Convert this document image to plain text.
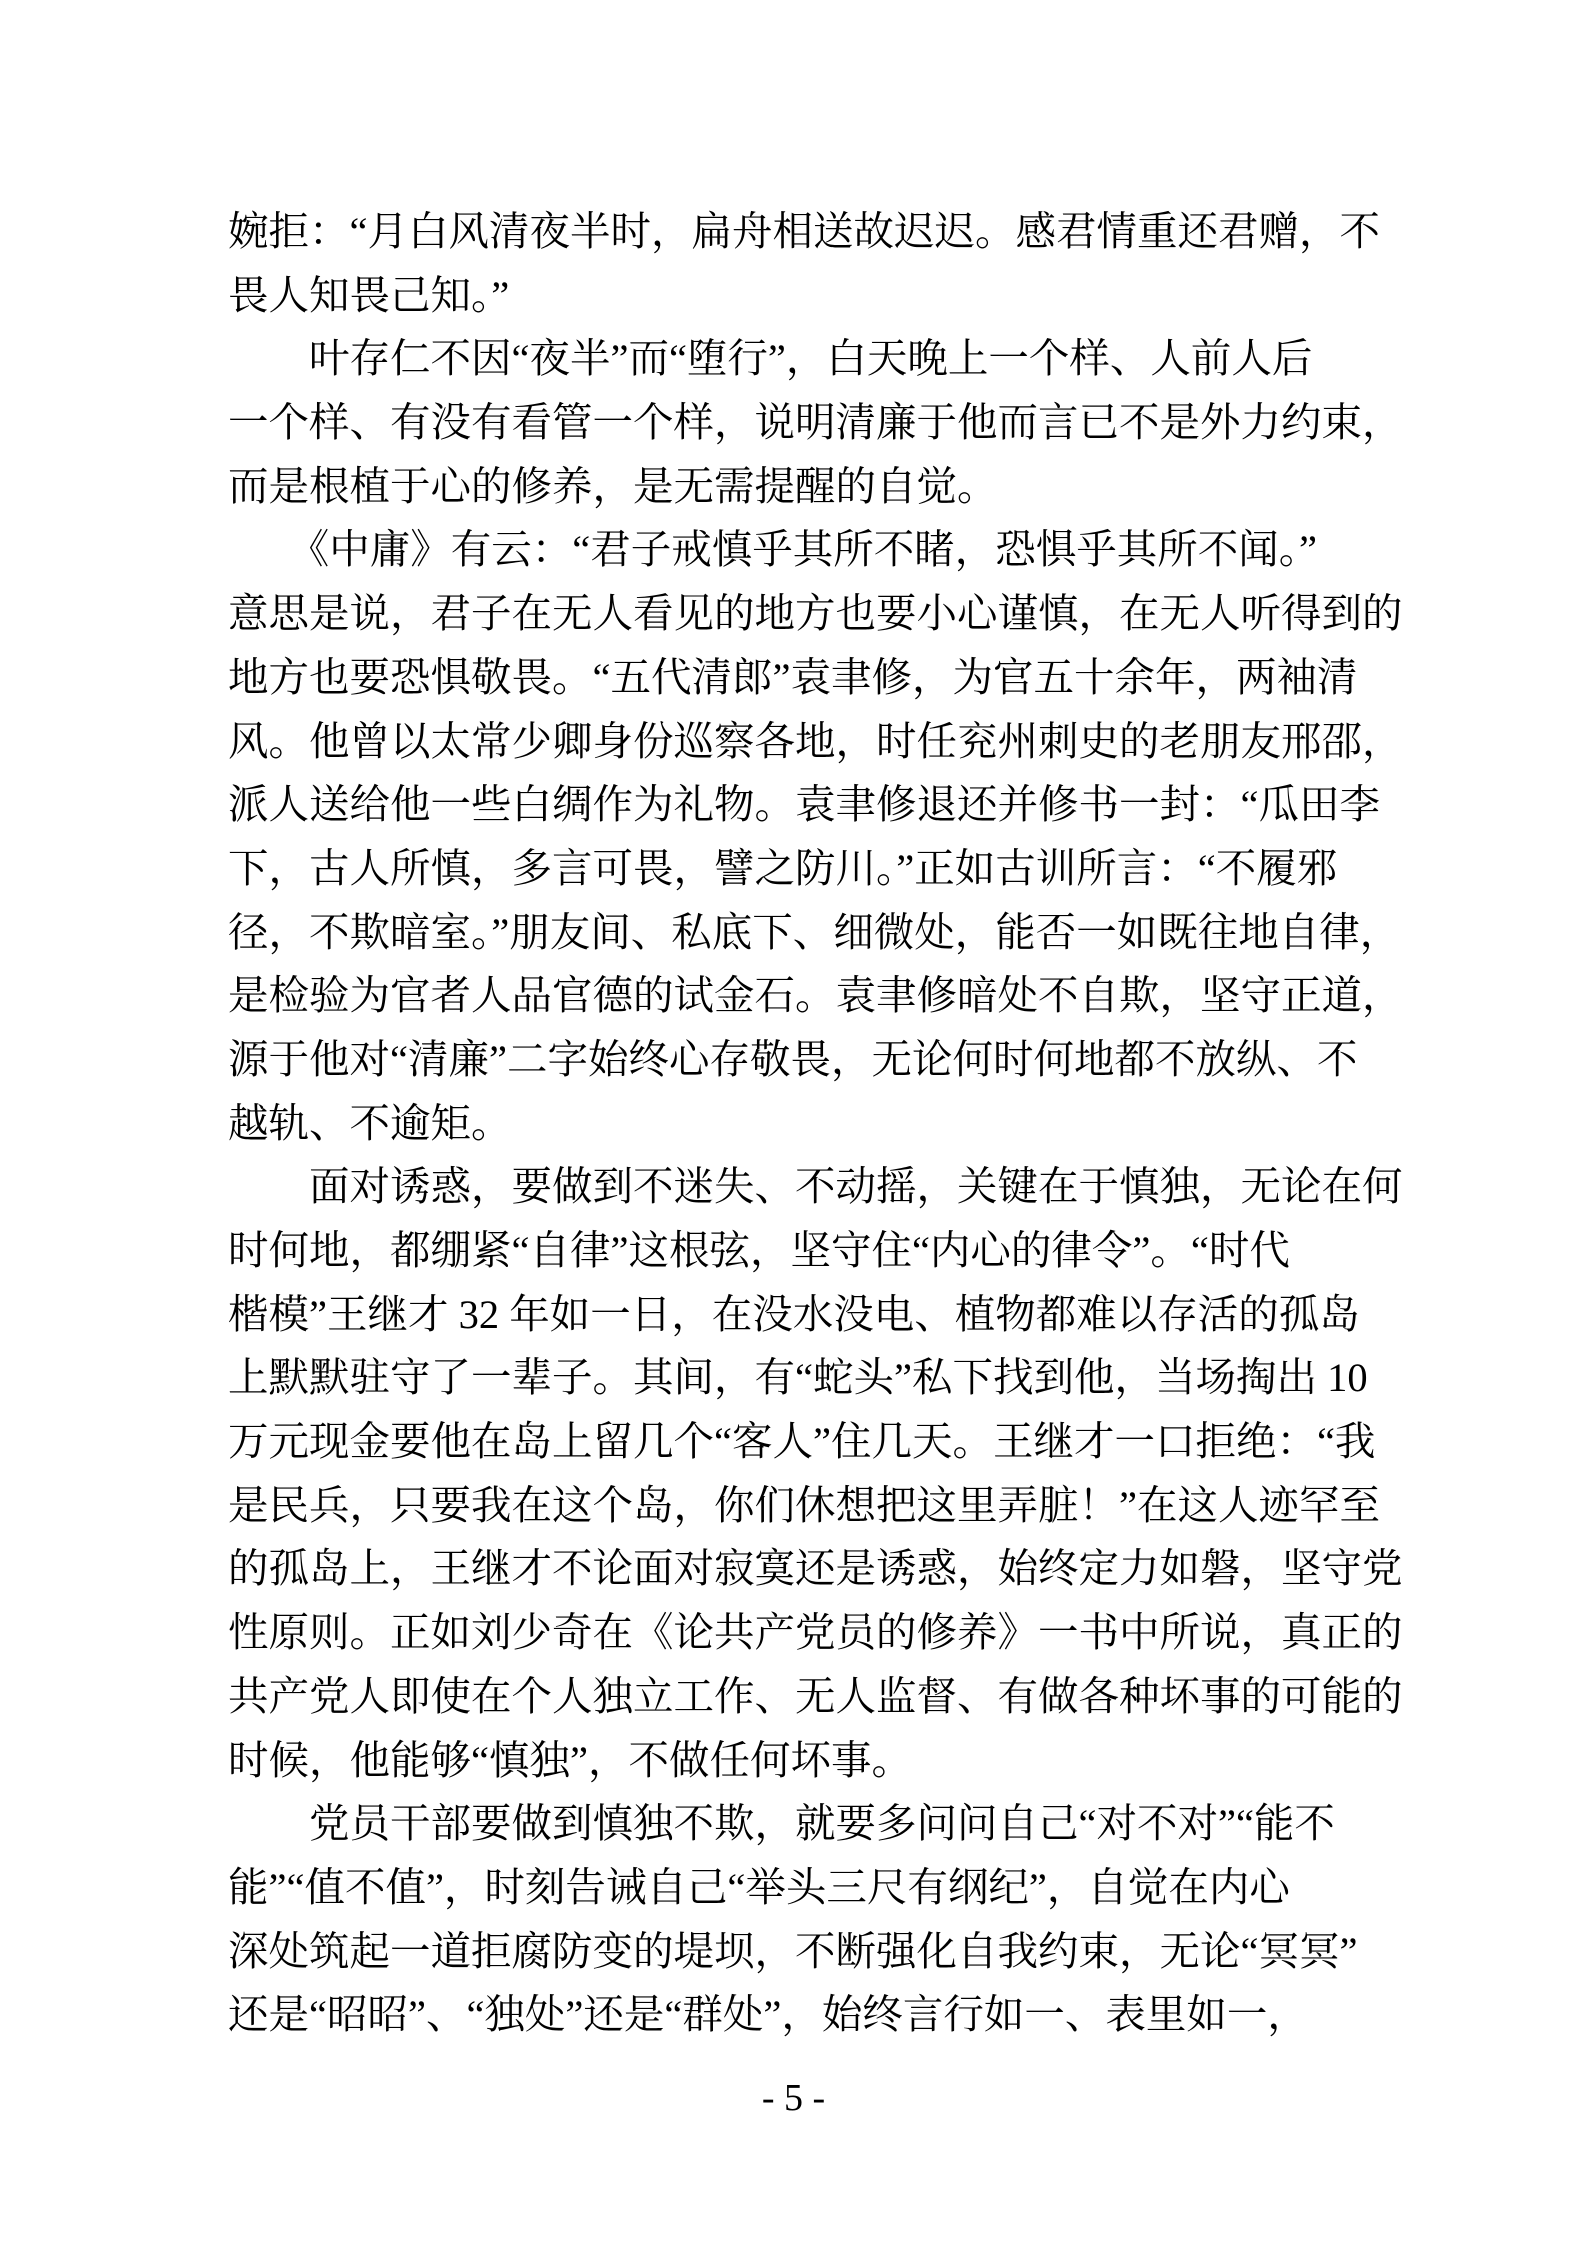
婉拒：“月白风清夜半时，扁舟相送故迟迟。感君情重还君赠，不
畏人知畏己知。”
　　叶存仁不因“夜半”而“堕行”，白天晚上一个样、人前人后
一个样、有没有看管一个样，说明清廉于他而言已不是外力约束，
而是根植于心的修养，是无需提醒的自觉。
　　《中庸》有云：“君子戒慎乎其所不睹，恐惧乎其所不闻。”
意思是说，君子在无人看见的地方也要小心谨慎，在无人听得到的
地方也要恐惧敬畏。“五代清郎”袁聿修，为官五十余年，两袖清
风。他曾以太常少卿身份巡察各地，时任兖州刺史的老朋友邢邵，
派人送给他一些白绸作为礼物。袁聿修退还并修书一封：“瓜田李
下，古人所慎，多言可畏，譬之防川。”正如古训所言：“不履邪
径，不欺暗室。”朋友间、私底下、细微处，能否一如既往地自律，
是检验为官者人品官德的试金石。袁聿修暗处不自欺，坚守正道，
源于他对“清廉”二字始终心存敬畏，无论何时何地都不放纵、不
越轨、不逾矩。
　　面对诱惑，要做到不迷失、不动摇，关键在于慎独，无论在何
时何地，都绷紧“自律”这根弦，坚守住“内心的律令”。“时代
楷模”王继才 32 年如一日，在没水没电、植物都难以存活的孤岛
上默默驻守了一辈子。其间，有“蛇头”私下找到他，当场掏出 10
万元现金要他在岛上留几个“客人”住几天。王继才一口拒绝：“我
是民兵，只要我在这个岛，你们休想把这里弄脏！”在这人迹罕至
的孤岛上，王继才不论面对寂寞还是诱惑，始终定力如磐，坚守党
性原则。正如刘少奇在《论共产党员的修养》一书中所说，真正的
共产党人即使在个人独立工作、无人监督、有做各种坏事的可能的
时候，他能够“慎独”，不做任何坏事。
　　党员干部要做到慎独不欺，就要多问问自己“对不对”“能不
能”“值不值”，时刻告诫自己“举头三尺有纲纪”，自觉在内心
深处筑起一道拒腐防变的堤坝，不断强化自我约束，无论“冥冥”
还是“昭昭”、“独处”还是“群处”，始终言行如一、表里如一，
- 5 -
